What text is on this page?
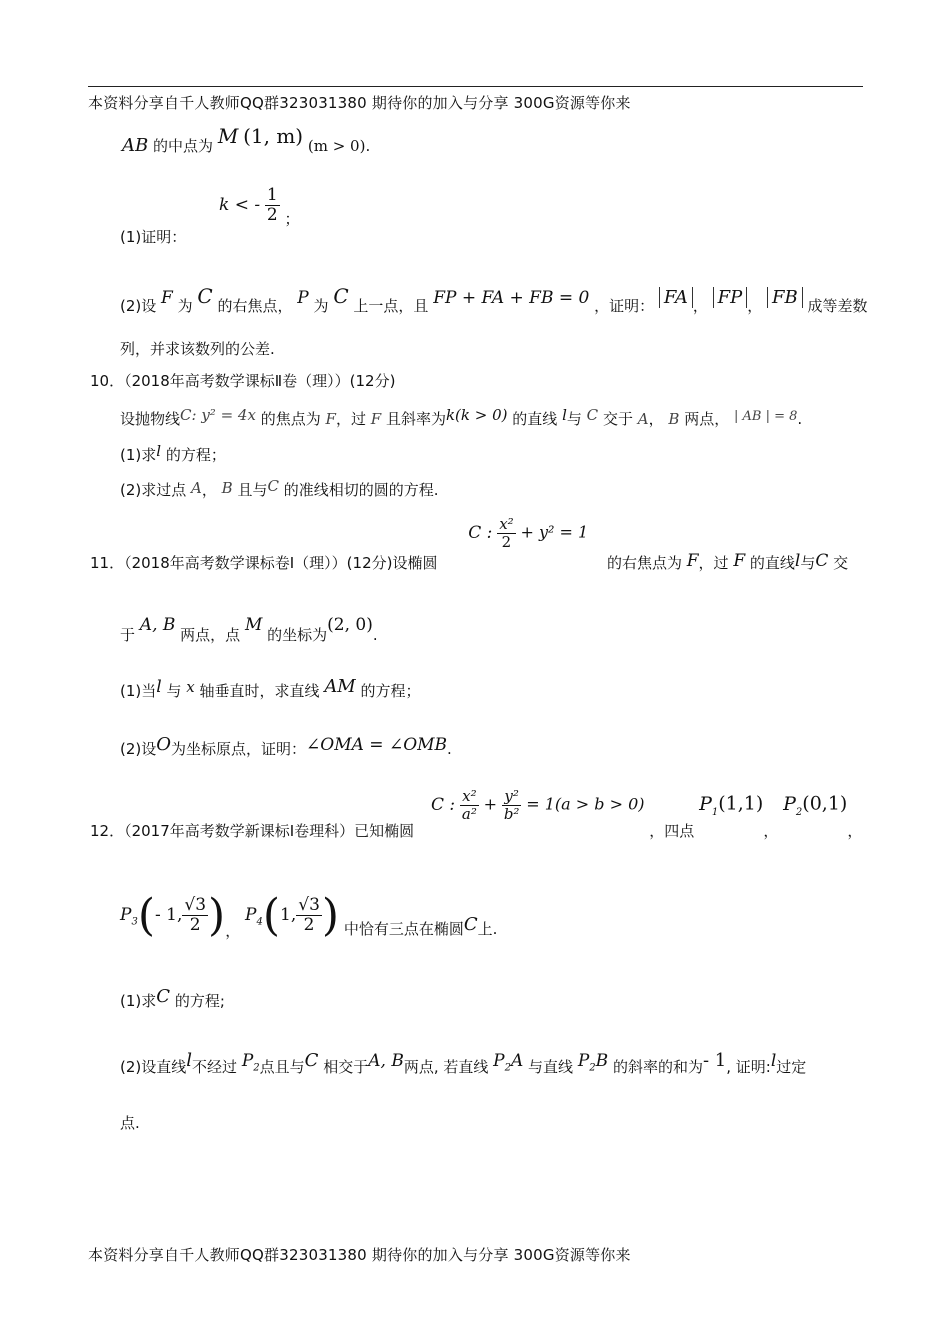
本资料分享自千人教师QQ群323031380 期待你的加入与分享 300G资源等你来
AB 的中点为 M (1, m) (m > 0).
(1)证明： k < - $\frac{1}{2}$ ；
(2)设 F 为 C 的右焦点， P 为 C 上一点，且 FP + FA + FB = 0 ，证明： FA ， FP ， FB 成等差数
列，并求该数列的公差.
10．（2018年高考数学课标Ⅱ卷（理））(12分)
设抛物线C: y² = 4x 的焦点为 F，过 F 且斜率为k(k > 0) 的直线 l与 C 交于 A， B 两点， | AB | = 8.
(1)求l 的方程；
(2)求过点 A， B 且与C 的准线相切的圆的方程.
11．（2018年高考数学课标卷Ⅰ（理））(12分)设椭圆 C : $\frac{\text{x²}}{2} + y^2 = 1$ 的右焦点为 F，过 F 的直线l与C 交
于 A, B 两点，点 M 的坐标为(2, 0).
(1)当l 与 x 轴垂直时，求直线 AM 的方程；
(2)设O为坐标原点，证明：∠OMA = ∠OMB.
12．（2017年高考数学新课标Ⅰ卷理科）已知椭圆 C : $\frac{\text{x²}}{\text{a²}} + \frac{\text{y²}}{\text{b²}} = 1(a > b > 0)$ ，四点 $P_1(1,1)$， $P_2(0,1)$，
$P_3(-$ 1, $\frac{√3}{2}$ )， $P_4(1$, $\frac{√3}{2}$ ) 中恰有三点在椭圆C上.
(1)求C 的方程;
(2)设直线l不经过 $P_2$点且与C 相交于A, B两点, 若直线 $P_2A$ 与直线 $P_2B$ 的斜率的和为- 1, 证明:l过定
点.
本资料分享自千人教师QQ群323031380 期待你的加入与分享 300G资源等你来
